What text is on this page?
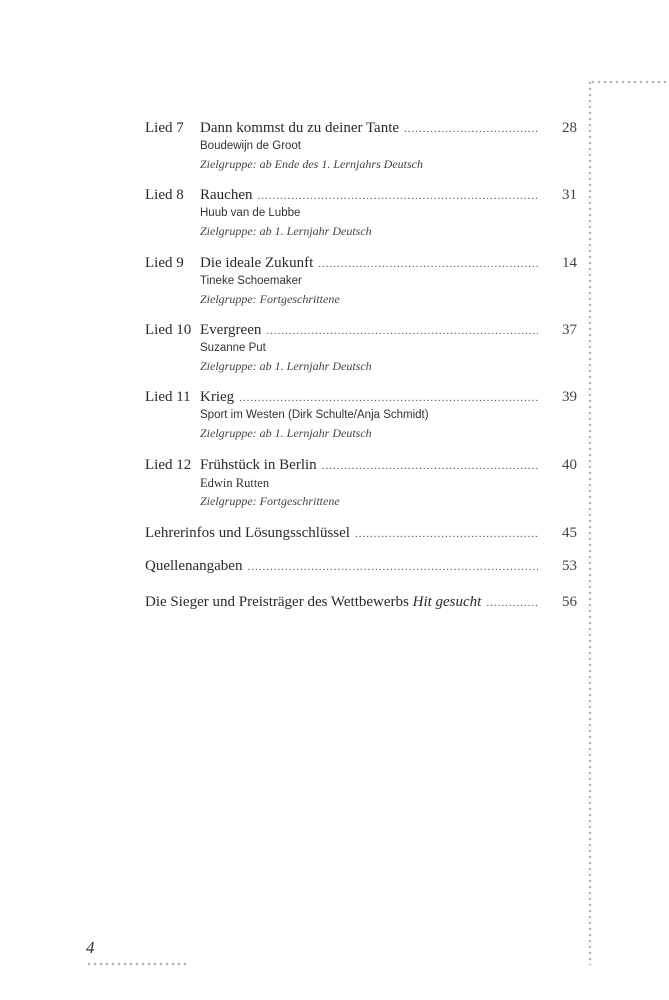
Lied 7	Dann kommst du zu deiner Tante .....	28
Boudewijn de Groot
Zielgruppe: ab Ende des 1. Lernjahrs Deutsch
Lied 8	Rauchen .....	31
Huub van de Lubbe
Zielgruppe: ab 1. Lernjahr Deutsch
Lied 9	Die ideale Zukunft .....	14
Tineke Schoemaker
Zielgruppe: Fortgeschrittene
Lied 10 Evergreen .....	37
Suzanne Put
Zielgruppe: ab 1. Lernjahr Deutsch
Lied 11 Krieg .....	39
Sport im Westen (Dirk Schulte/Anja Schmidt)
Zielgruppe: ab 1. Lernjahr Deutsch
Lied 12 Frühstück in Berlin .....	40
Edwin Rutten
Zielgruppe: Fortgeschrittene
Lehrerinfos und Lösungsschlüssel .....	45
Quellenangaben .....	53
Die Sieger und Preisträger des Wettbewerbs Hit gesucht .....	56
4
